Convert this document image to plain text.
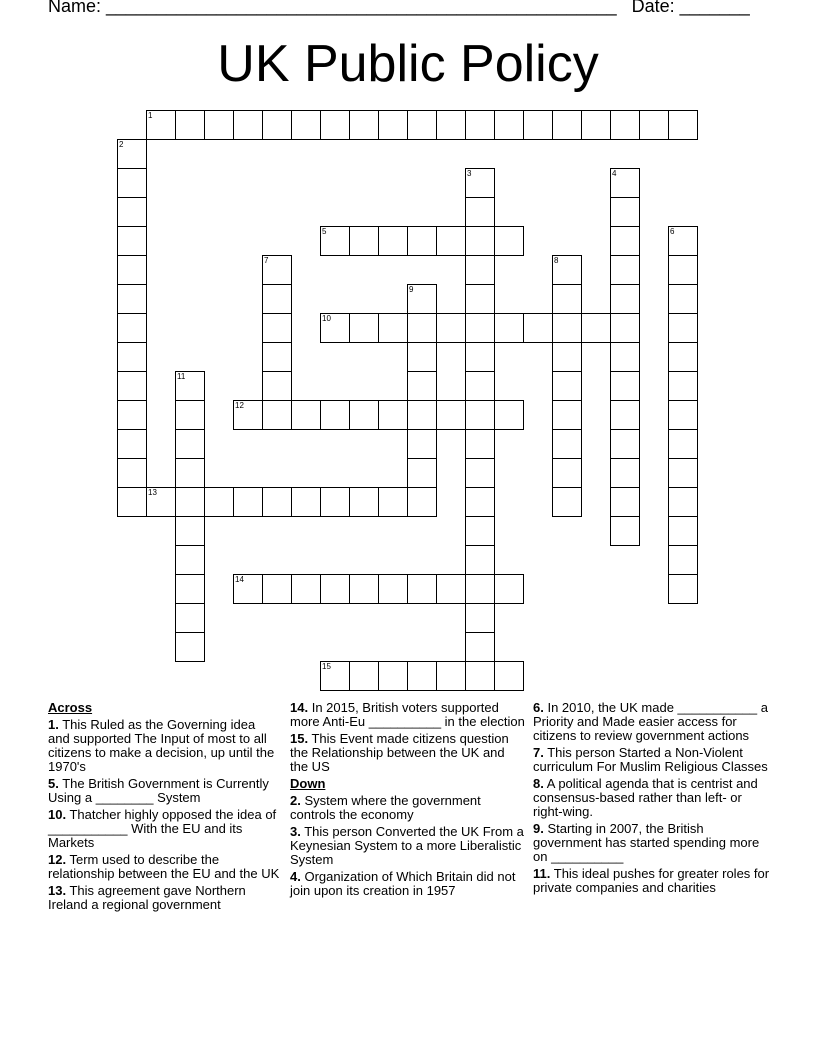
Name: ___________________________________________________ Date: _______
UK Public Policy
1
2
3	4
5	6
7	8
9
10
11
12
13
14
15
Across
1. This Ruled as the Governing idea and supported The Input of most to all citizens to make a decision, up until the 1970's
5. The British Government is Currently Using a ________ System
10. Thatcher highly opposed the idea of ___________ With the EU and its Markets
12. Term used to describe the relationship between the EU and the UK
13. This agreement gave Northern Ireland a regional government
14. In 2015, British voters supported more Anti-Eu __________ in the election
15. This Event made citizens question the Relationship between the UK and the US
Down
2. System where the government controls the economy
3. This person Converted the UK From a Keynesian System to a more Liberalistic System
4. Organization of Which Britain did not join upon its creation in 1957
6. In 2010, the UK made ___________ a Priority and Made easier access for citizens to review government actions
7. This person Started a Non-Violent curriculum For Muslim Religious Classes
8. A political agenda that is centrist and consensus-based rather than left- or right-wing.
9. Starting in 2007, the British government has started spending more on __________
11. This ideal pushes for greater roles for private companies and charities
